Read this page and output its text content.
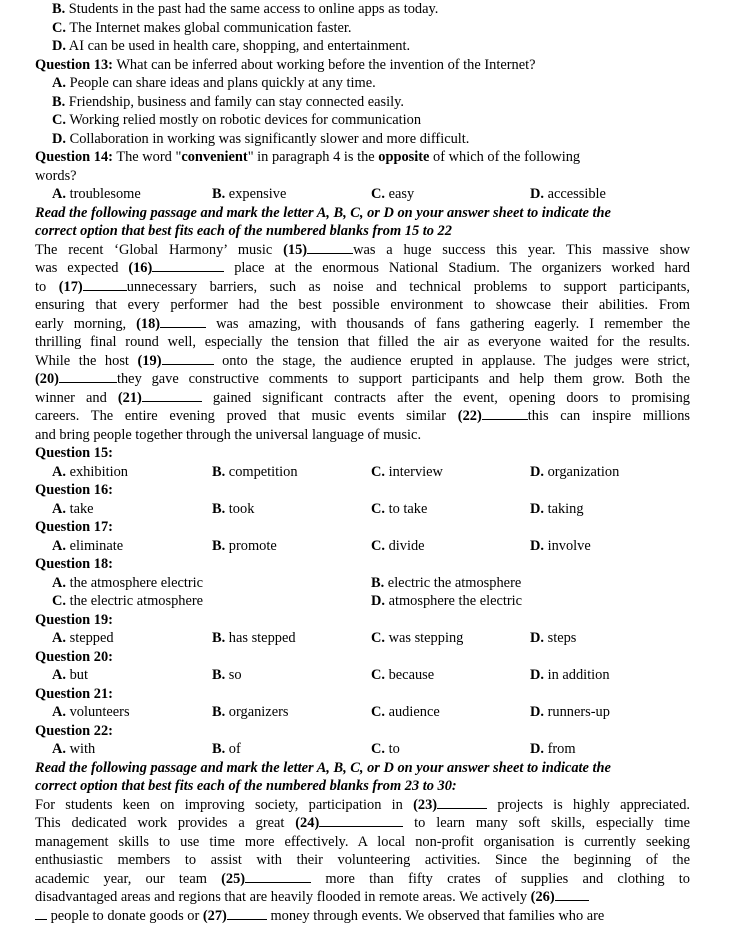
B. Students in the past had the same access to online apps as today.
C. The Internet makes global communication faster.
D. AI can be used in health care, shopping, and entertainment.
Question 13: What can be inferred about working before the invention of the Internet?
A. People can share ideas and plans quickly at any time.
B. Friendship, business and family can stay connected easily.
C. Working relied mostly on robotic devices for communication
D. Collaboration in working was significantly slower and more difficult.
Question 14: The word "convenient" in paragraph 4 is the opposite of which of the following
words?
A. troublesome	B. expensive	C. easy	D. accessible
Read the following passage and mark the letter A, B, C, or D on your answer sheet to indicate the
correct option that best fits each of the numbered blanks from 15 to 22
The recent ‘Global Harmony’ music (15)	was a huge success this year. This massive show
was expected (16)	place at the enormous National Stadium. The organizers worked hard
to (17)	unnecessary barriers, such as noise and technical problems to support participants,
ensuring that every performer had the best possible environment to showcase their abilities. From
early morning, (18)	was amazing, with thousands of fans gathering eagerly. I remember the
thrilling final round well, especially the tension that filled the air as everyone waited for the results.
While the host (19)	onto the stage, the audience erupted in applause. The judges were strict,
(20)	they gave constructive comments to support participants and help them grow. Both the
winner and (21)	gained significant contracts after the event, opening doors to promising
careers. The entire evening proved that music events similar (22)	this can inspire millions
and bring people together through the universal language of music.
Question 15:
A. exhibition	B. competition	C. interview	D. organization
Question 16:
A. take	B. took	C. to take	D. taking
Question 17:
A. eliminate	B. promote	C. divide	D. involve
Question 18:
A. the atmosphere electric	B. electric the atmosphere
C. the electric atmosphere	D. atmosphere the electric
Question 19:
A. stepped	B. has stepped	C. was stepping	D. steps
Question 20:
A. but	B. so	C. because	D. in addition
Question 21:
A. volunteers	B. organizers	C. audience	D. runners-up
Question 22:
A. with	B. of	C. to	D. from
Read the following passage and mark the letter A, B, C, or D on your answer sheet to indicate the
correct option that best fits each of the numbered blanks from 23 to 30:
For students keen on improving society, participation in (23)	projects is highly appreciated.
This dedicated work provides a great (24)	to learn many soft skills, especially time
management skills to use time more effectively. A local non-profit organisation is currently seeking
enthusiastic members to assist with their volunteering activities. Since the beginning of the
academic year, our team (25)	more than fifty crates of supplies and clothing to
disadvantaged areas and regions that are heavily flooded in remote areas. We actively (26)
people to donate goods or (27)	money through events. We observed that families who are
